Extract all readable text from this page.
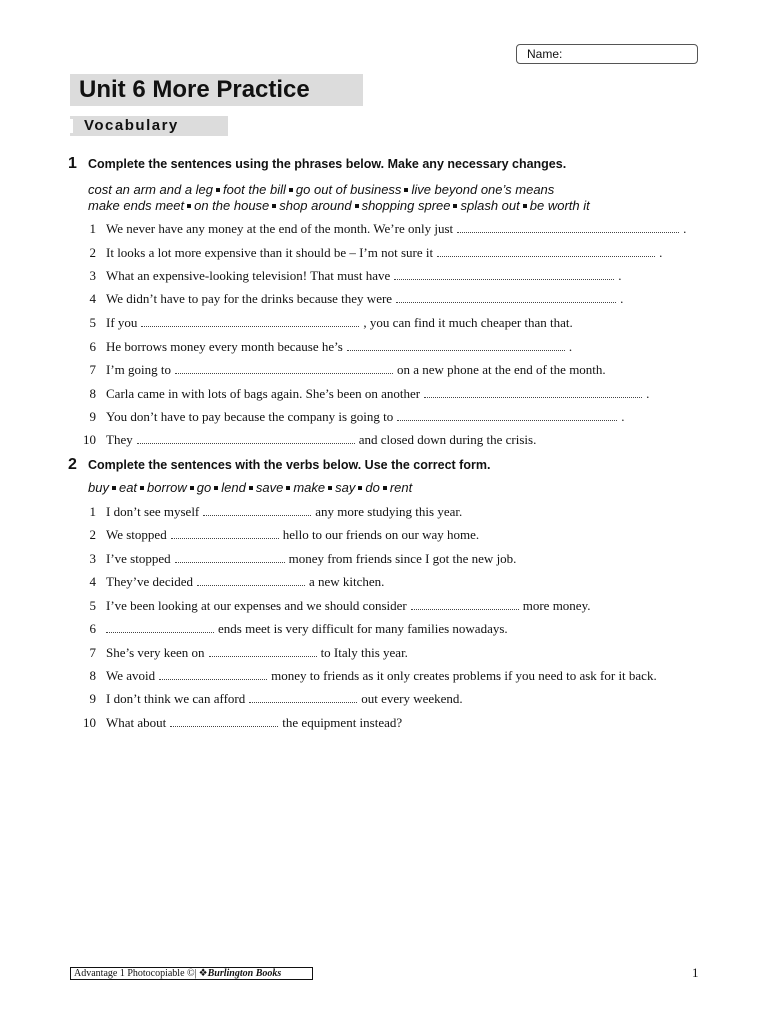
Name:
Unit 6 More Practice
Vocabulary
1 Complete the sentences using the phrases below. Make any necessary changes.
cost an arm and a leg foot the bill go out of business live beyond one’s means
make ends meet on the house shop around shopping spree splash out be worth it
1 We never have any money at the end of the month. We’re only just	.
2 It looks a lot more expensive than it should be – I’m not sure it	.
3 What an expensive-looking television! That must have	.
4 We didn’t have to pay for the drinks because they were	.
5 If you	, you can find it much cheaper than that.
6 He borrows money every month because he’s	.
7 I’m going to	on a new phone at the end of the month.
8 Carla came in with lots of bags again. She’s been on another	.
9 You don’t have to pay because the company is going to	.
10 They	and closed down during the crisis.
2 Complete the sentences with the verbs below. Use the correct form.
buy eat borrow go lend save make say do rent
1 I don’t see myself	any more studying this year.
2 We stopped	hello to our friends on our way home.
3 I’ve stopped	money from friends since I got the new job.
4 They’ve decided	a new kitchen.
5 I’ve been looking at our expenses and we should consider	more money.
6	ends meet is very difficult for many families nowadays.
7 She’s very keen on	to Italy this year.
8 We avoid	money to friends as it only creates problems if you need to ask for it back.
9 I don’t think we can afford	out every weekend.
10 What about	the equipment instead?
Advantage 1 Photocopiable ©| ❖Burlington Books	1
